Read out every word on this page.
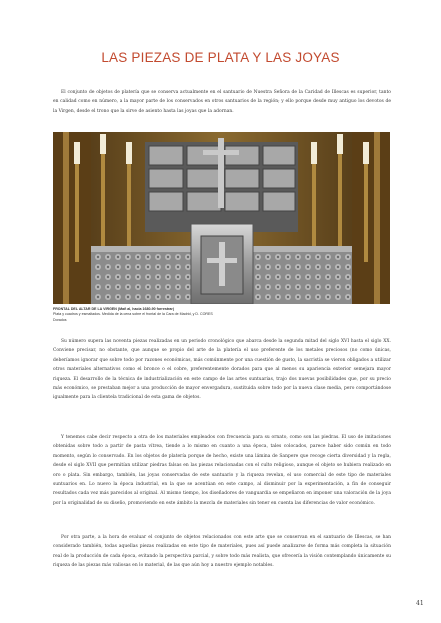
LAS PIEZAS DE PLATA Y LAS JOYAS

El conjunto de objetos de platería que se conserva actualmente en el santuario de Nuestra Señora de la Caridad de Illescas es superior, tanto en calidad como en número, a la mayor parte de los conservados en otros santuarios de la región; y ello porque desde muy antiguo los devotos de la Virgen, desde el trono que la sirve de asiento hasta las joyas que la adornan.

FRONTAL DEL ALTAR DE LA VIRGEN (Mañ al, hacia 1680-90 forrestrar)
Plata y cuadros y esmaltados. Medida de la cena sobre el frontal de la Cara de Madrid, y D. CORES
Dorados

Su número supera las noventa piezas realizadas en un periodo cronológico que abarca desde la segunda mitad del siglo XVI hasta el siglo XX. Conviene precisar, no obstante, que aunque se propio del arte de la platería el uso preferente de los metales preciosos (no como únicas, deberíamos ignorar que sobre todo por razones económicas, más comúnmente por una cuestión de gusto, la sacristía se vieron obligados a utilizar otros materiales alternativos como el bronce o el cobre, preferentemente dorados para que al menos su apariencia exterior semejara mayor riqueza. El desarrollo de la técnica de industrialización en este campo de las artes suntuarias, trajo dos nuevas posibilidades que, por su precio más económico, se prestaban mejor a una producción de mayor envergadura, sustituida sobre todo por la nueva clase media, pero comportándose igualmente para la clientela tradicional de esta gama de objetos.

Y tenemos cabe decir respecto a otra de los materiales empleados con frecuencia para su ornato, como son las piedras. El uso de imitaciones obtenidas sobre todo a partir de pasta vítrea, tiende a lo mismo en cuanto a una época, tales colocados, parece haber sido común en todo momento, según lo conservado. En los objetos de platería porque de hecho, existe una lámina de Sanpere que recoge cierta diversidad y la regla, desde el siglo XVII que permitían utilizar piedras falsas en las piezas relacionadas con el culto religioso, aunque el objeto se hubiera realizado en oro o plata. Sin embargo, también, las joyas conservadas de este santuario y la riqueza revelan, el uso comercial de este tipo de materiales suntuarios en. Lo nuevo la época industrial, en la que se acentúan en este campo, al disminuir por la experimentación, a fin de conseguir resultados cada vez más parecidos al original. Al mismo tiempo, los diseñadores de vanguardia se empeñaron en imponer una valoración de la joya por la originalidad de su diseño, promoviendo en este ámbito la mezcla de materiales sin tener en cuenta las diferencias de valor económico.

Por otra parte, a la hora de evaluar el conjunto de objetos relacionados con este arte que se conservan en el santuario de Illescas, se han considerado también, todas aquellas piezas realizadas en este tipo de materiales, pues así puede analizarse de forma más completa la situación real de la producción de cada época, evitando la perspectiva parcial, y sobre todo más realista, que ofrecería la visión contemplando únicamente su riqueza de las piezas más valiosas en lo material, de las que aún hoy a nuestro ejemplo notables.

41
